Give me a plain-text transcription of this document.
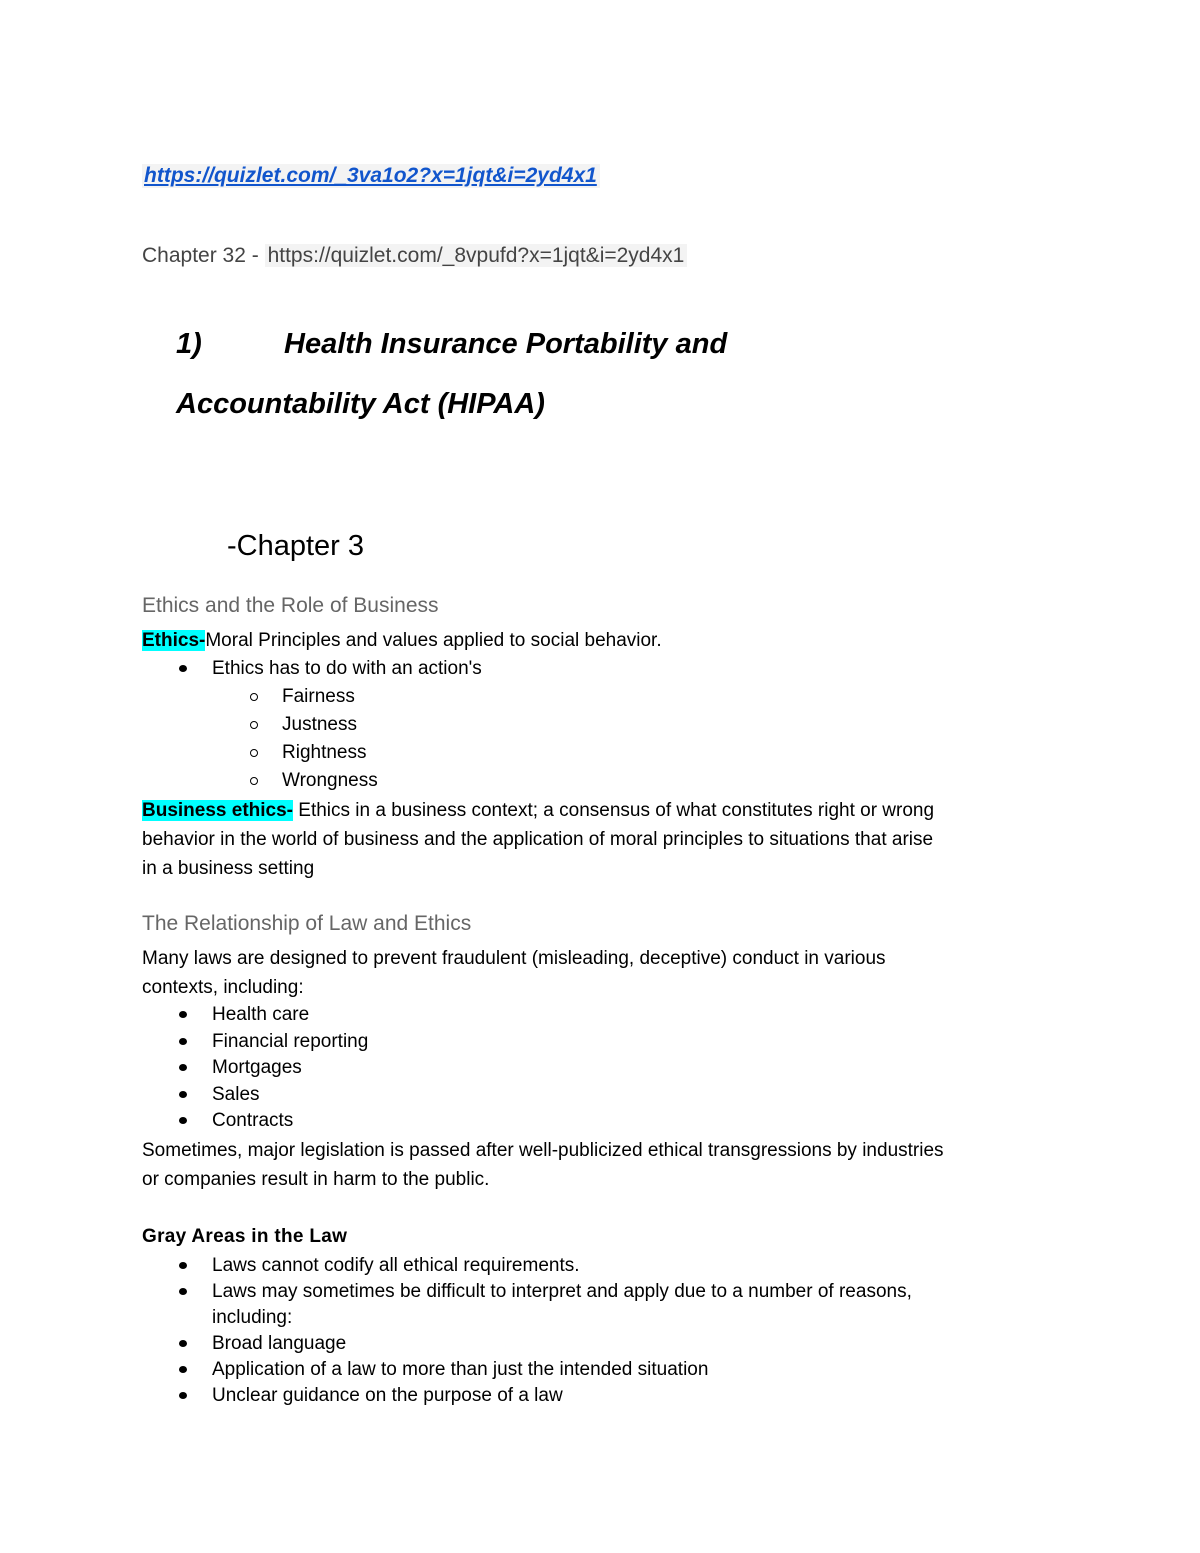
https://quizlet.com/_3va1o2?x=1jqt&i=2yd4x1
Chapter 32 - https://quizlet.com/_8vpufd?x=1jqt&i=2yd4x1
1)	Health Insurance Portability and
Accountability Act (HIPAA)
-Chapter 3
Ethics and the Role of Business
Ethics-Moral Principles and values applied to social behavior.
Ethics has to do with an action's
Fairness
Justness
Rightness
Wrongness
Business ethics- Ethics in a business context; a consensus of what constitutes right or wrong
behavior in the world of business and the application of moral principles to situations that arise
in a business setting
The Relationship of Law and Ethics
Many laws are designed to prevent fraudulent (misleading, deceptive) conduct in various
contexts, including:
Health care
Financial reporting
Mortgages
Sales
Contracts
Sometimes, major legislation is passed after well-publicized ethical transgressions by industries
or companies result in harm to the public.
Gray Areas in the Law
Laws cannot codify all ethical requirements.
Laws may sometimes be difficult to interpret and apply due to a number of reasons,
including:
Broad language
Application of a law to more than just the intended situation
Unclear guidance on the purpose of a law
